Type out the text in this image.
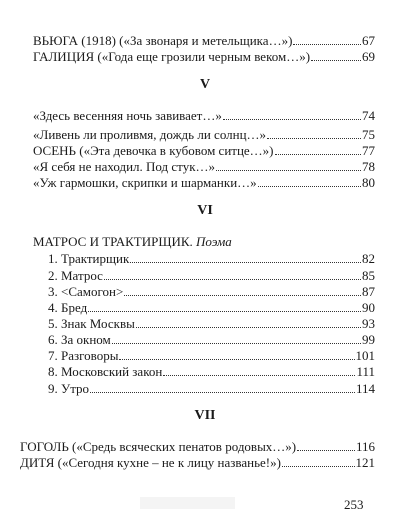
ВЬЮГА (1918) («За звонаря и метельщика…»)	67
ГАЛИЦИЯ («Года еще грозили черным веком…»)	69
V
«Здесь весенняя ночь завивает…»	74
«Ливень ли проливмя, дождь ли солнц…»	75
ОСЕНЬ («Эта девочка в кубовом ситце…»)	77
«Я себя не находил. Под стук…»	78
«Уж гармошки, скрипки и шарманки…»	80
VI
МАТРОС И ТРАКТИРЩИК. Поэма
1. Трактирщик	82
2. Матрос	85
3. <Самогон>	87
4. Бред	90
5. Знак Москвы	93
6. За окном	99
7. Разговоры	101
8. Московский закон	111
9. Утро	114
VII
ГОГОЛЬ («Средь всяческих пенатов родовых…»)	116
ДИТЯ («Сегодня кухне – не к лицу названье!»)	121
253
